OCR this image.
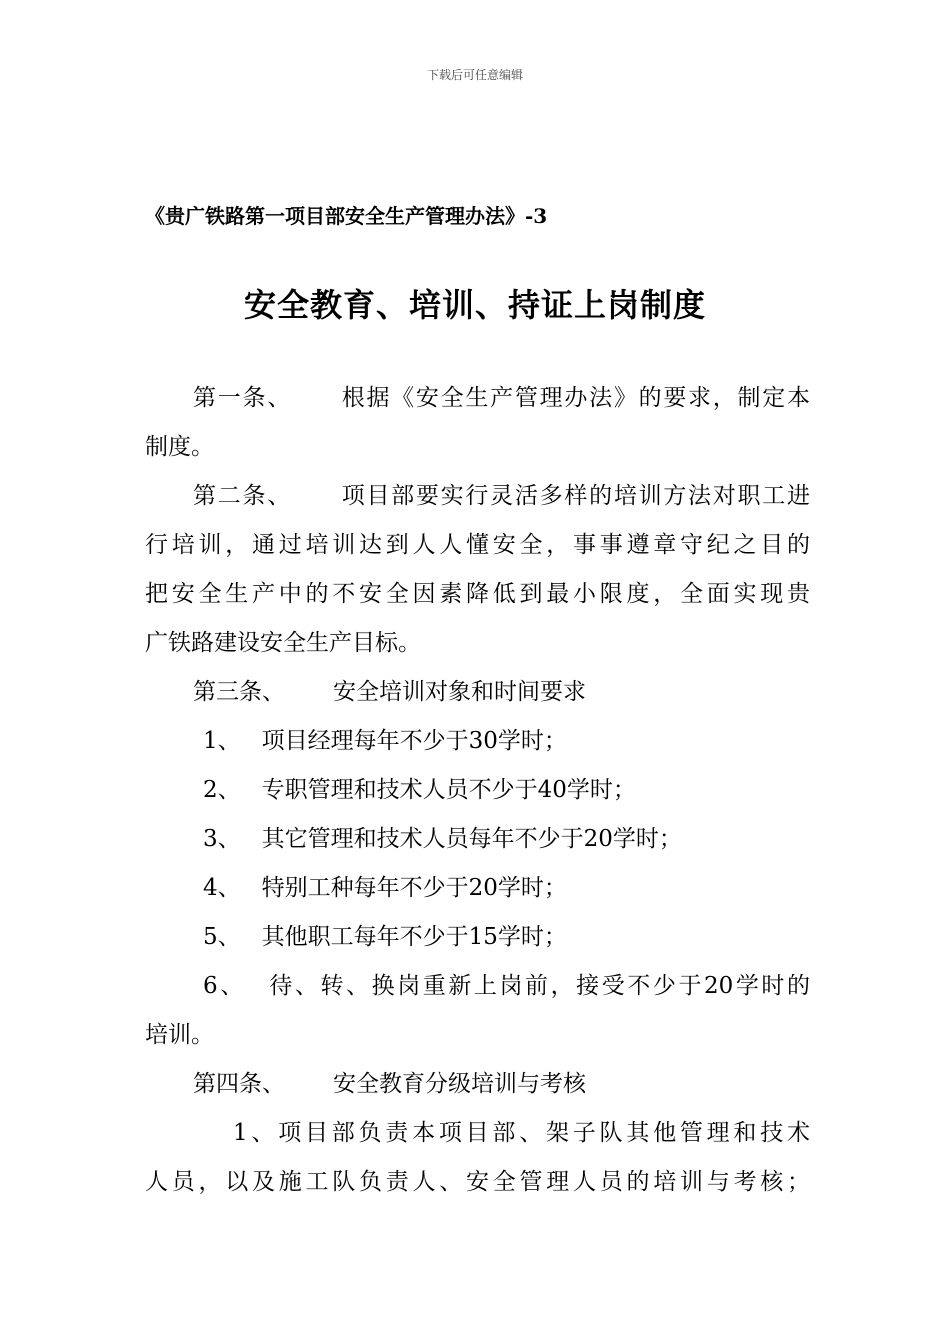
下载后可任意编辑
《贵广铁路第一项目部安全生产管理办法》-3
安全教育、培训、持证上岗制度
第一条、 根据《安全生产管理办法》的要求，制定本
制度。
第二条、 项目部要实行灵活多样的培训方法对职工进
行培训，通过培训达到人人懂安全，事事遵章守纪之目的
把安全生产中的不安全因素降低到最小限度，全面实现贵
广铁路建设安全生产目标。
第三条、 安全培训对象和时间要求
1、 项目经理每年不少于30学时；
2、 专职管理和技术人员不少于40学时；
3、 其它管理和技术人员每年不少于20学时；
4、 特别工种每年不少于20学时；
5、 其他职工每年不少于15学时；
6、 待、转、换岗重新上岗前，接受不少于20学时的
培训。
第四条、 安全教育分级培训与考核
1、项目部负责本项目部、架子队其他管理和技术
人员，以及施工队负责人、安全管理人员的培训与考核；
